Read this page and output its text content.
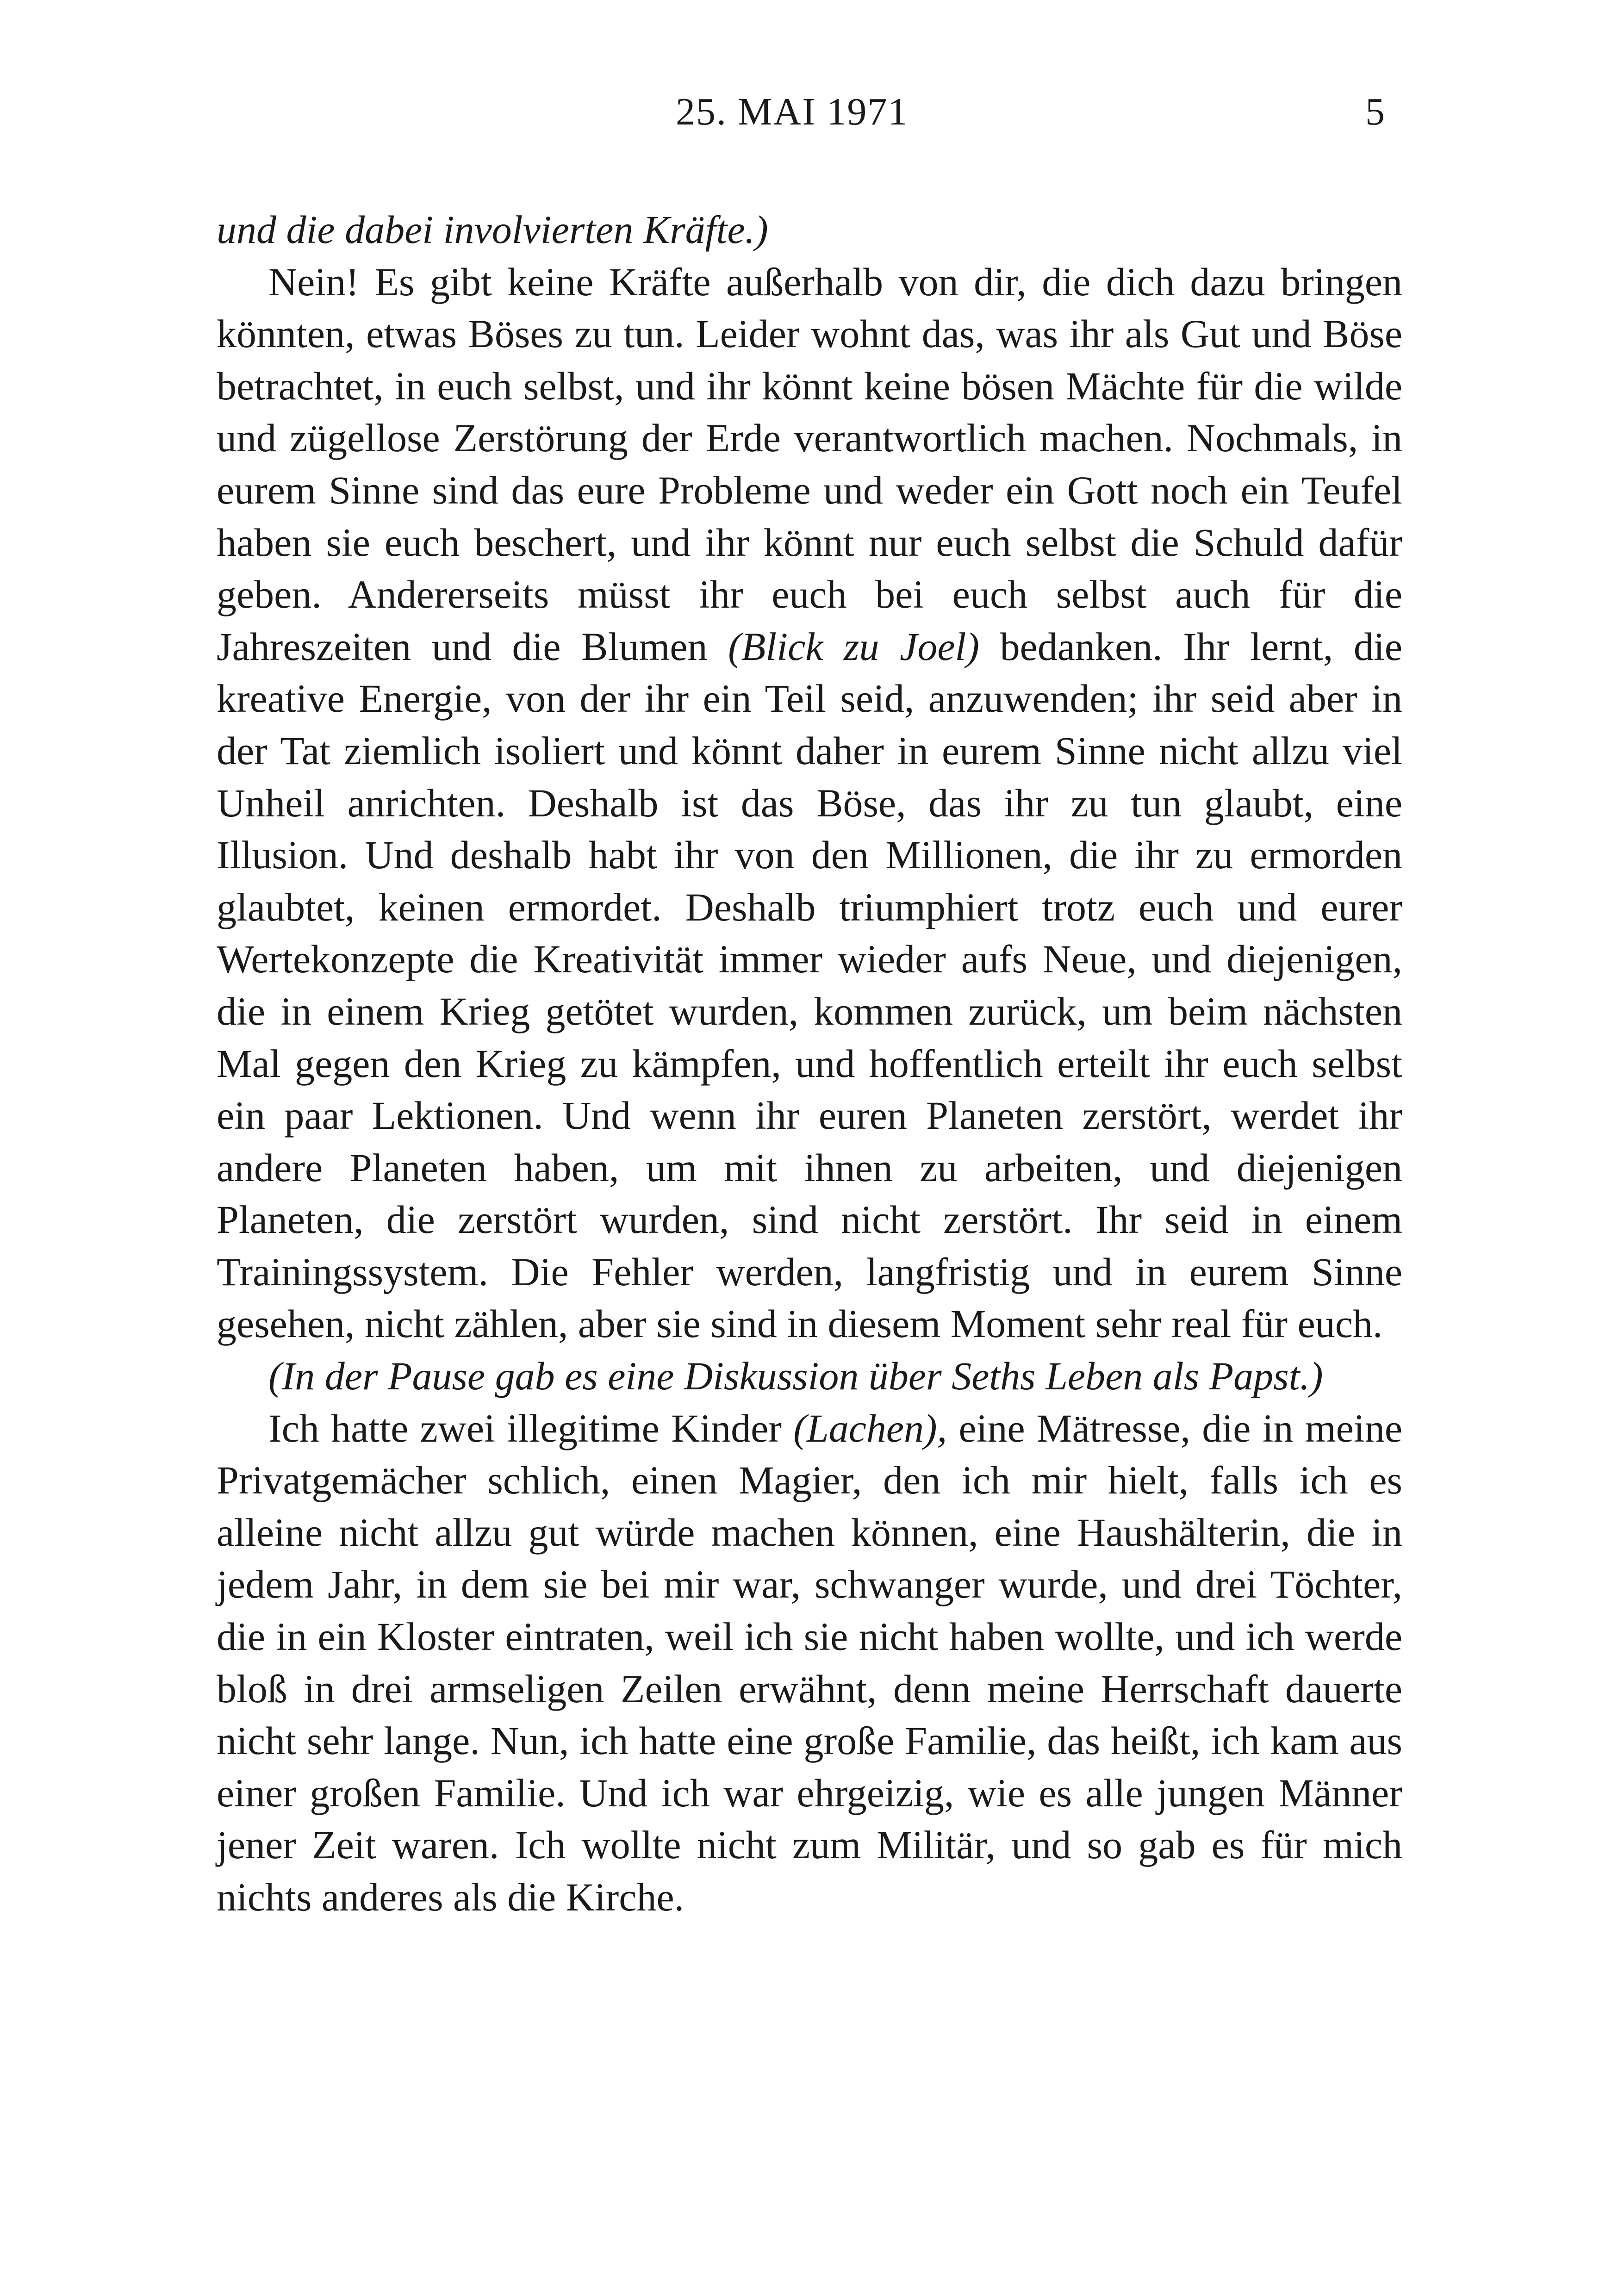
25. MAI 1971	5

und die dabei involvierten Kräfte.)

Nein! Es gibt keine Kräfte außerhalb von dir, die dich dazu bringen könnten, etwas Böses zu tun. Leider wohnt das, was ihr als Gut und Böse betrachtet, in euch selbst, und ihr könnt keine bösen Mächte für die wilde und zügellose Zerstörung der Erde verantwortlich machen. Nochmals, in eurem Sinne sind das eure Probleme und weder ein Gott noch ein Teufel haben sie euch beschert, und ihr könnt nur euch selbst die Schuld dafür geben. Andererseits müsst ihr euch bei euch selbst auch für die Jahreszeiten und die Blumen (Blick zu Joel) bedanken. Ihr lernt, die kreative Energie, von der ihr ein Teil seid, anzuwenden; ihr seid aber in der Tat ziemlich isoliert und könnt daher in eurem Sinne nicht allzu viel Unheil anrichten. Deshalb ist das Böse, das ihr zu tun glaubt, eine Illusion. Und deshalb habt ihr von den Millionen, die ihr zu ermorden glaubtet, keinen ermordet. Deshalb triumphiert trotz euch und eurer Wertekonzepte die Kreativität immer wieder aufs Neue, und diejenigen, die in einem Krieg getötet wurden, kommen zurück, um beim nächsten Mal gegen den Krieg zu kämpfen, und hoffentlich erteilt ihr euch selbst ein paar Lektionen. Und wenn ihr euren Planeten zerstört, werdet ihr andere Planeten haben, um mit ihnen zu arbeiten, und diejenigen Planeten, die zerstört wurden, sind nicht zerstört. Ihr seid in einem Trainingssystem. Die Fehler werden, langfristig und in eurem Sinne gesehen, nicht zählen, aber sie sind in diesem Moment sehr real für euch.

(In der Pause gab es eine Diskussion über Seths Leben als Papst.)

Ich hatte zwei illegitime Kinder (Lachen), eine Mätresse, die in meine Privatgemächer schlich, einen Magier, den ich mir hielt, falls ich es alleine nicht allzu gut würde machen können, eine Haushälterin, die in jedem Jahr, in dem sie bei mir war, schwanger wurde, und drei Töchter, die in ein Kloster eintraten, weil ich sie nicht haben wollte, und ich werde bloß in drei armseligen Zeilen erwähnt, denn meine Herrschaft dauerte nicht sehr lange. Nun, ich hatte eine große Familie, das heißt, ich kam aus einer großen Familie. Und ich war ehrgeizig, wie es alle jungen Männer jener Zeit waren. Ich wollte nicht zum Militär, und so gab es für mich nichts anderes als die Kirche.
